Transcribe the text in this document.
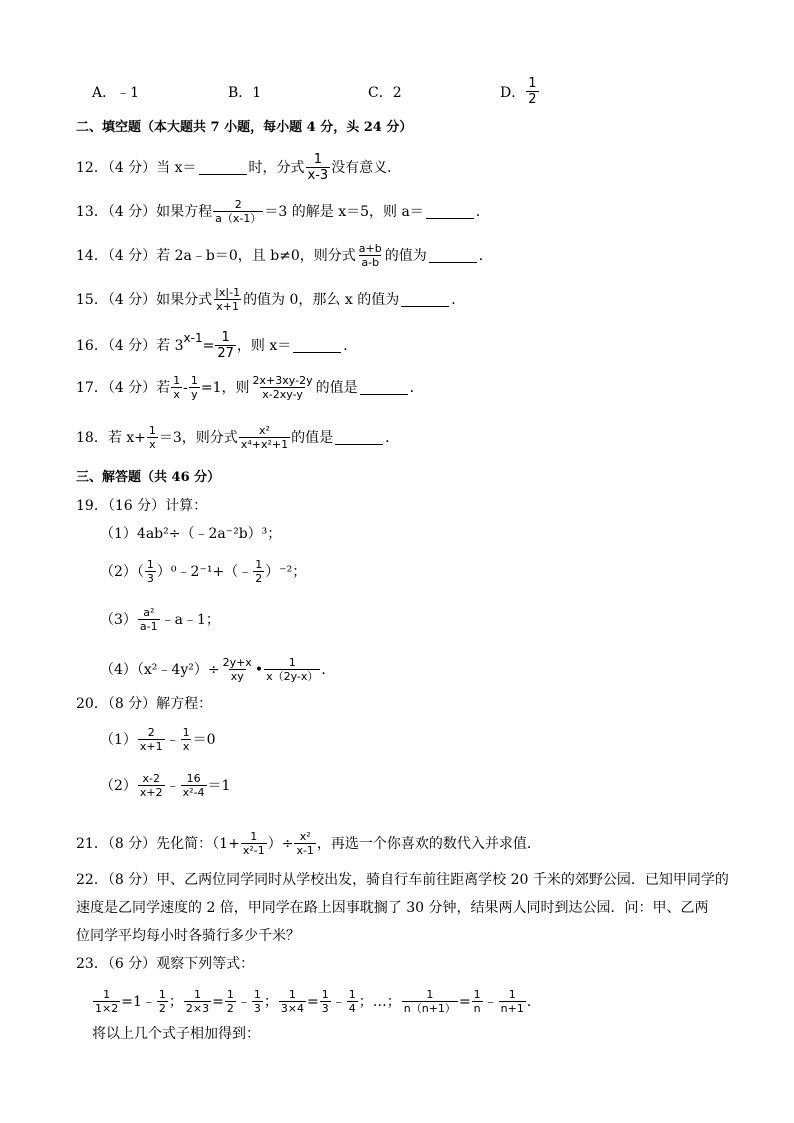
A．﹣1	B．1	C．2	D． $\frac{1}{2}$
二、填空题（本大题共 7 小题，每小题 4 分，头 24 分）
12．（4 分）当 x＝	时，分式 $\frac{1}{x-3}$ 没有意义．
13．（4 分）如果方程 $\frac{2}{a(x-1)} =3$ 的解是 x＝5，则 a＝	．
14．（4 分）若 2a﹣b＝0，且 b≠0，则分式 $\frac{a+b}{a-b}$ 的值为	．
15．（4 分）如果分式 $\frac{|x|-1}{x+1}$ 的值为 0，那么 x 的值为	．
16．（4 分）若 $3^{x-1} = \frac{1}{27}$ ，则 x＝	．
17．（4 分）若 $\frac{1}{x} - \frac{1}{y} =1$，则 $\frac{2x+3xy-2y}{x-2xy-y}$ 的值是	．
18．若 $x+ \frac{1}{x} =3$，则分式 $\frac{\text{x²}}{\text{x⁴+x²+1}}$ 的值是	．
三、解答题（共 46 分）
19．（16 分）计算：
（1）4ab²÷（﹣2a⁻²b）³；
$(2)( \frac{1}{3}$ ）⁰﹣2⁻¹+（﹣ $\frac{1}{2} )^{-2}$；
$(3) \frac{\text{a²}}{a-1}$ ﹣a﹣1；
（4）（x²﹣4y²）÷ $\frac{2y+x}{xy}$ • $\frac{1}{x(2y-x)}$ ．
20．（8 分）解方程：
$(1) \frac{2}{x+1}$ ﹣ $\frac{1}{x} =0$
$(2) \frac{x-2}{x+2}$ ﹣ $\frac{16}{\text{x²-4}} =1$
21．（8 分）先化简：（$1+ \frac{1}{\text{x²-1}}$ ）÷ $\frac{\text{x²}}{x-1}$ ，再选一个你喜欢的数代入并求值．
22．（8 分）甲、乙两位同学同时从学校出发，骑自行车前往距离学校 20 千米的郊野公园．已知甲同学的
速度是乙同学速度的 2 倍，甲同学在路上因事耽搁了 30 分钟，结果两人同时到达公园．问：甲、乙两
位同学平均每小时各骑行多少千米？
23．（6 分）观察下列等式：
$\frac{1}{1\times 2}$ =1﹣ $\frac{1}{2}$ ； $\frac{1}{2\times 3} = \frac{1}{2}$ ﹣ $\frac{1}{3}$ ； $\frac{1}{3\times 4} = \frac{1}{3}$ ﹣ $\frac{1}{4}$ ；…； $\frac{1}{n(n+1)} = \frac{1}{n}$ ﹣ $\frac{1}{n+1}$ ．
将以上几个式子相加得到：
